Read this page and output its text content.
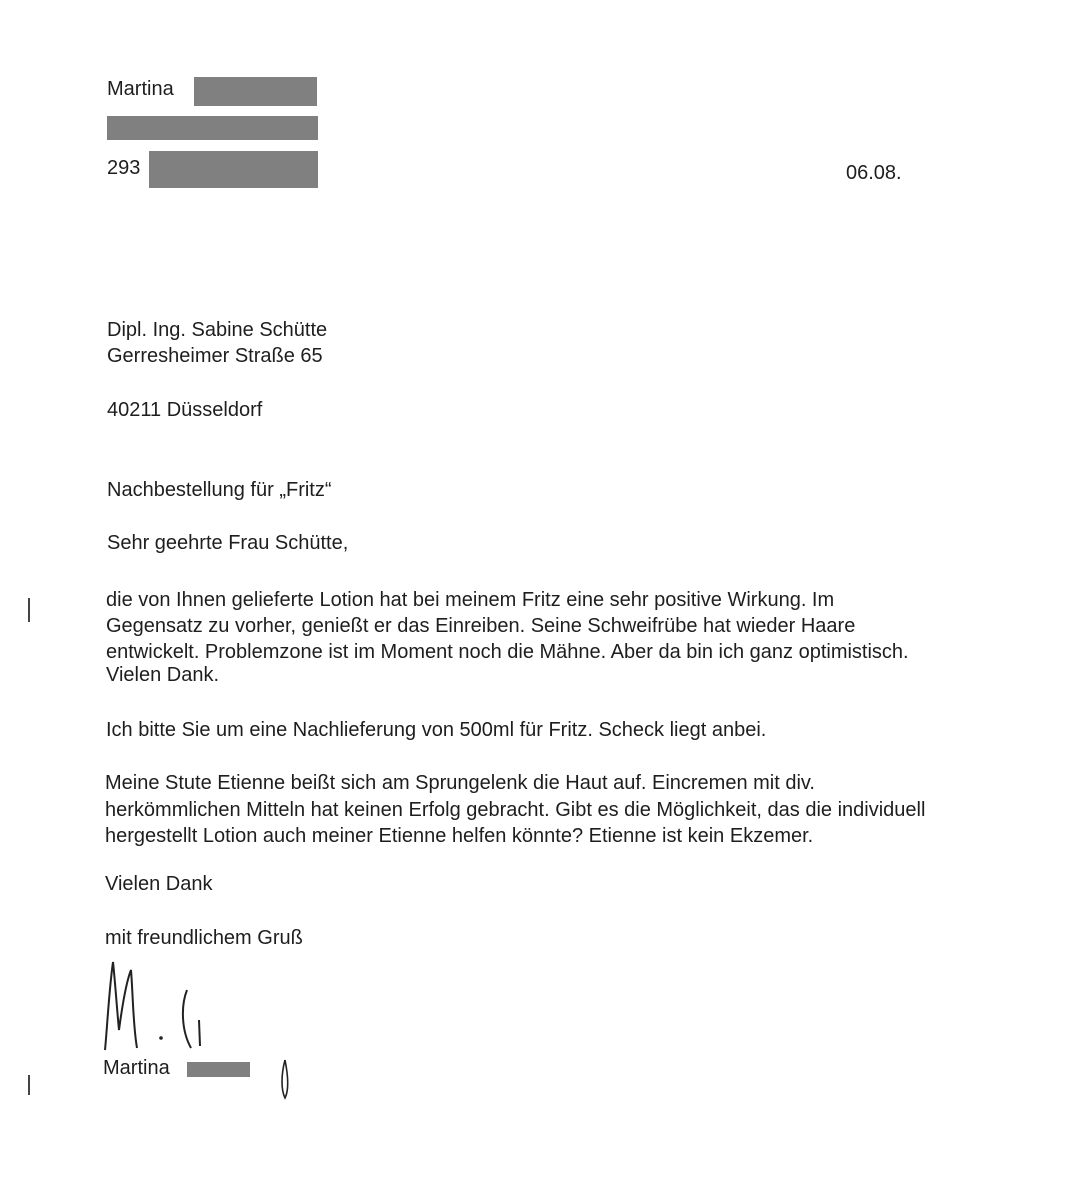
Martina
293	06.08.
Dipl. Ing. Sabine Schütte
Gerresheimer Straße 65
40211 Düsseldorf
Nachbestellung für „Fritz“
Sehr geehrte Frau Schütte,
die von Ihnen gelieferte Lotion hat bei meinem Fritz eine sehr positive Wirkung. Im
Gegensatz zu vorher, genießt er das Einreiben. Seine Schweifrübe hat wieder Haare
entwickelt. Problemzone ist im Moment noch die Mähne. Aber da bin ich ganz optimistisch.
Vielen Dank.
Ich bitte Sie um eine Nachlieferung von 500ml für Fritz. Scheck liegt anbei.
Meine Stute Etienne beißt sich am Sprungelenk die Haut auf. Eincremen mit div.
herkömmlichen Mitteln hat keinen Erfolg gebracht. Gibt es die Möglichkeit, das die individuell
hergestellt Lotion auch meiner Etienne helfen könnte? Etienne ist kein Ekzemer.
Vielen Dank
mit freundlichem Gruß
Martina
